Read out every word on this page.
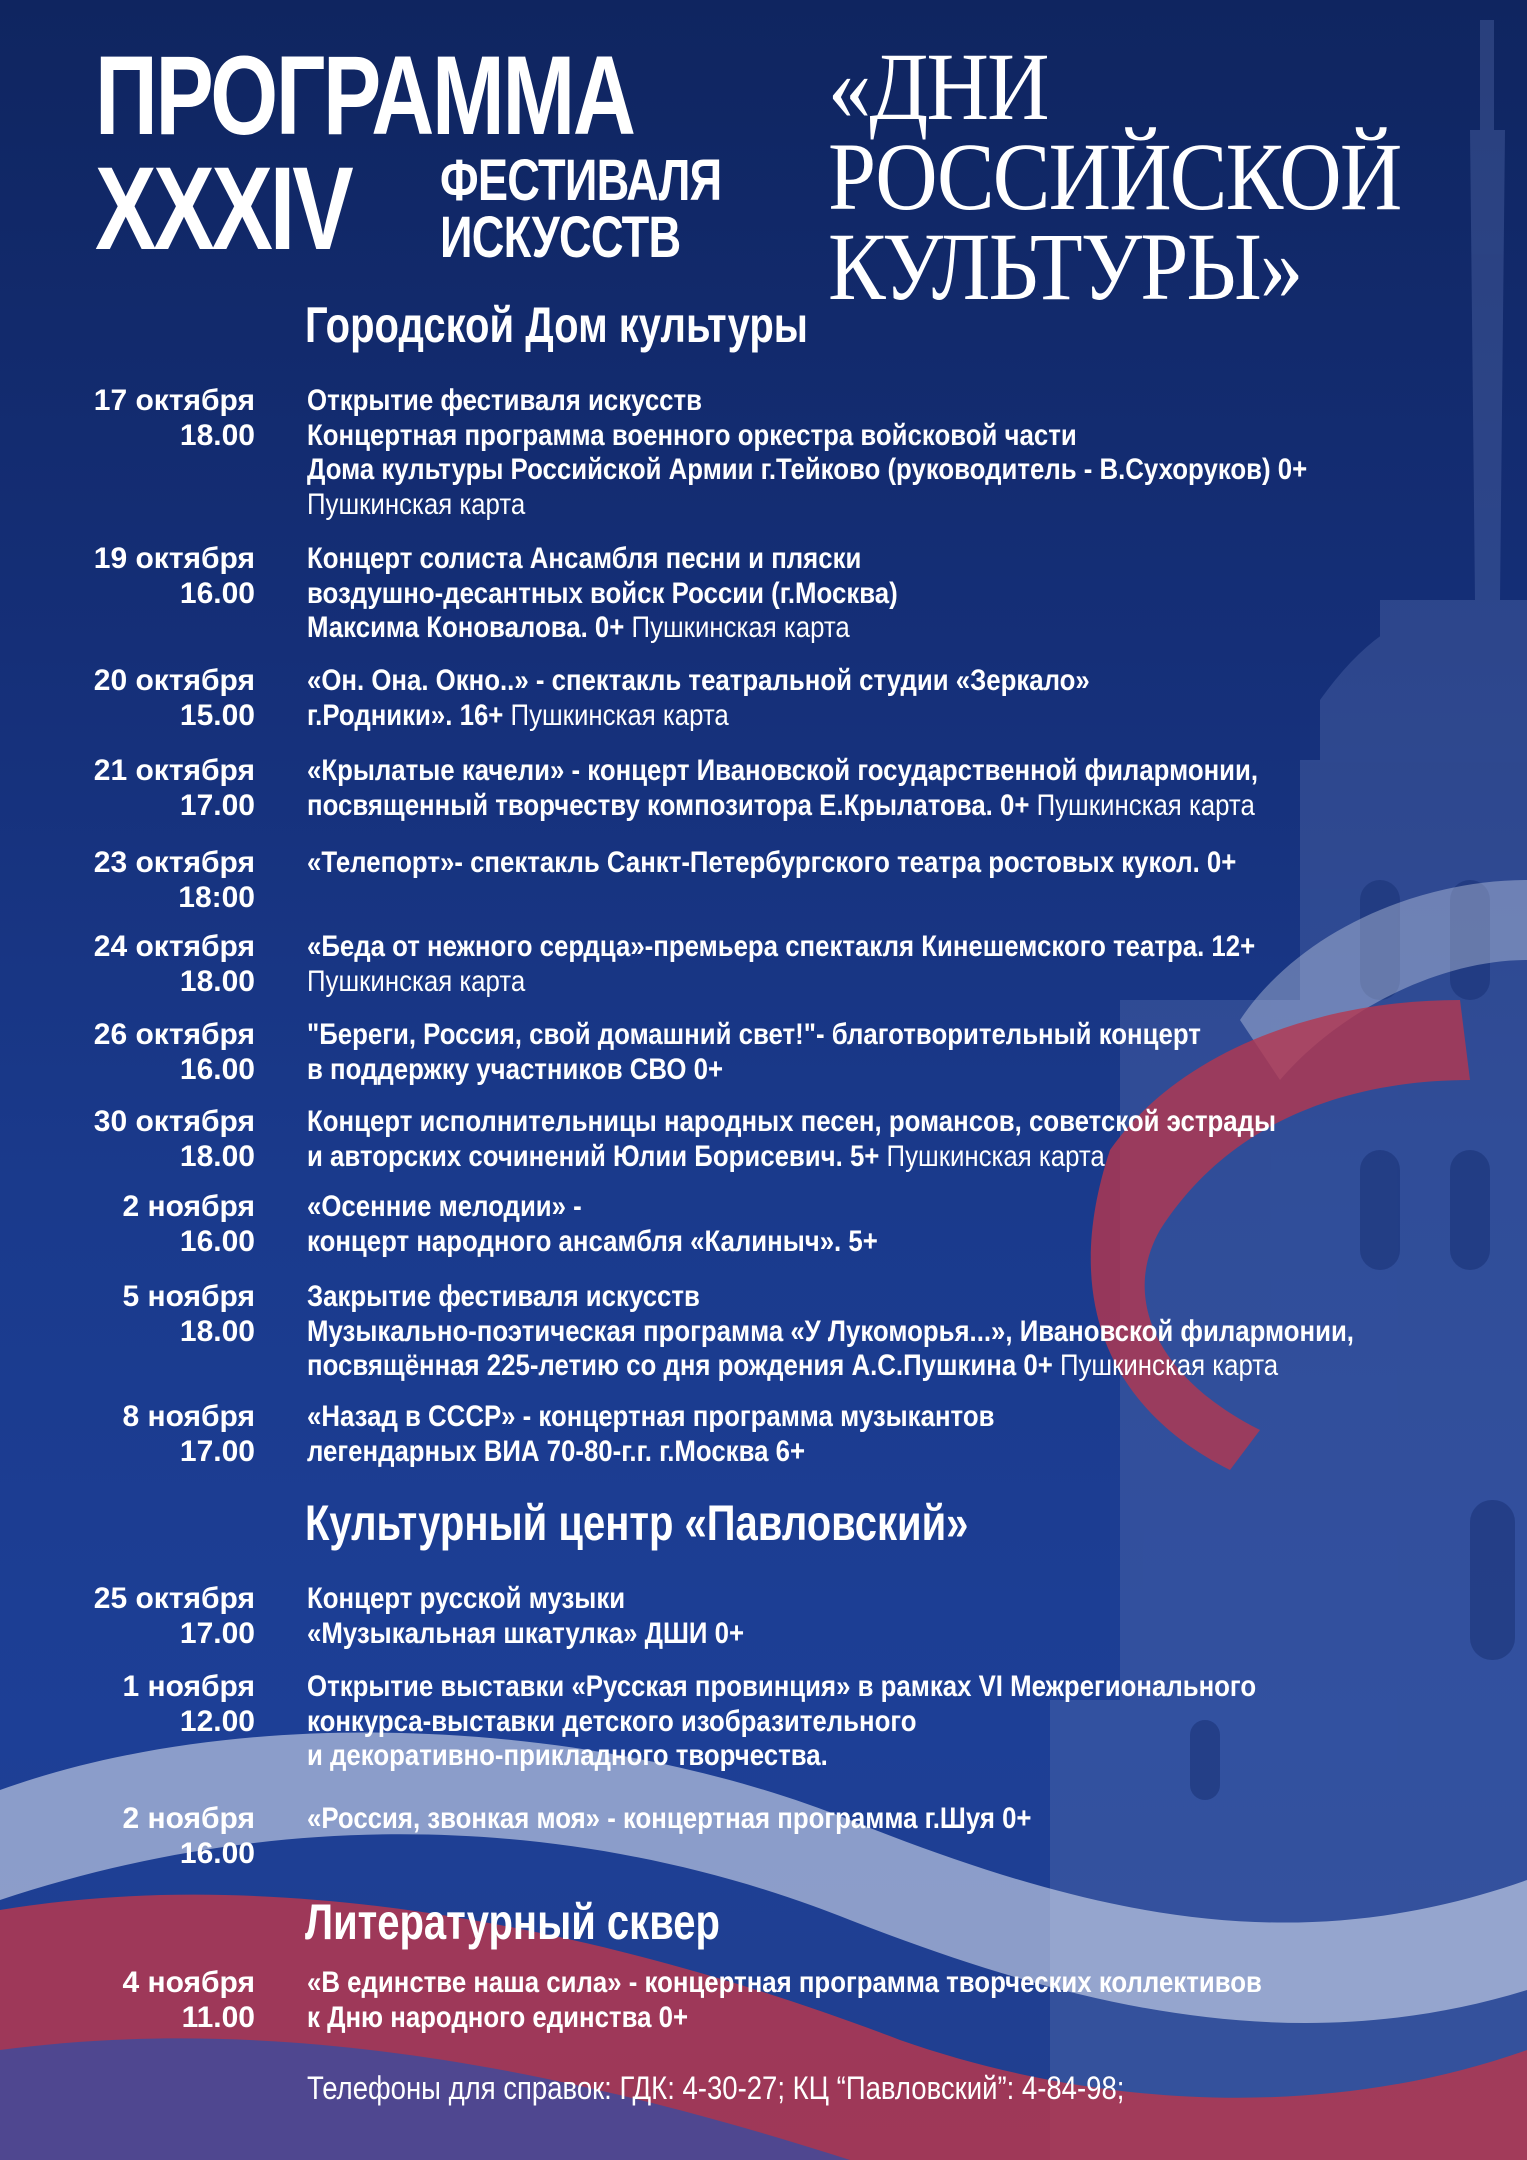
ПРОГРАММА
XXXIV ФЕСТИВАЛЯ
ИСКУССТВ
«ДНИ
РОССИЙСКОЙ
КУЛЬТУРЫ»
Городской Дом культуры
17 октября
18.00
Открытие фестиваля искусств
Концертная программа военного оркестра войсковой части
Дома культуры Российской Армии г.Тейково (руководитель - В.Сухоруков) 0+
Пушкинская карта
19 октября
16.00
Концерт солиста Ансамбля песни и пляски
воздушно-десантных войск России (г.Москва)
Максима Коновалова. 0+ Пушкинская карта
20 октября
15.00
«Он. Она. Окно..» - спектакль театральной студии «Зеркало»
г.Родники». 16+ Пушкинская карта
21 октября
17.00
«Крылатые качели» - концерт Ивановской государственной филармонии,
посвященный творчеству композитора Е.Крылатова. 0+ Пушкинская карта
23 октября
18:00
«Телепорт»- спектакль Санкт-Петербургского театра ростовых кукол. 0+
24 октября
18.00
«Беда от нежного сердца»-премьера спектакля Кинешемского театра. 12+
Пушкинская карта
26 октября
16.00
"Береги, Россия, свой домашний свет!"- благотворительный концерт
в поддержку участников СВО 0+
30 октября
18.00
Концерт исполнительницы народных песен, романсов, советской эстрады
и авторских сочинений Юлии Борисевич. 5+ Пушкинская карта
2 ноября
16.00
«Осенние мелодии» -
концерт народного ансамбля «Калиныч». 5+
5 ноября
18.00
Закрытие фестиваля искусств
Музыкально-поэтическая программа «У Лукоморья...», Ивановской филармонии,
посвящённая 225-летию со дня рождения А.С.Пушкина 0+ Пушкинская карта
8 ноября
17.00
«Назад в СССР» - концертная программа музыкантов
легендарных ВИА 70-80-г.г. г.Москва 6+
Культурный центр «Павловский»
25 октября
17.00
Концерт русской музыки
«Музыкальная шкатулка» ДШИ 0+
1 ноября
12.00
Открытие выставки «Русская провинция» в рамках VI Межрегионального
конкурса-выставки детского изобразительного
и декоративно-прикладного творчества.
2 ноября
16.00
«Россия, звонкая моя» - концертная программа г.Шуя 0+
Литературный сквер
4 ноября
11.00
«В единстве наша сила» - концертная программа творческих коллективов
к Дню народного единства 0+

Телефоны для справок: ГДК: 4-30-27; КЦ “Павловский”: 4-84-98;
